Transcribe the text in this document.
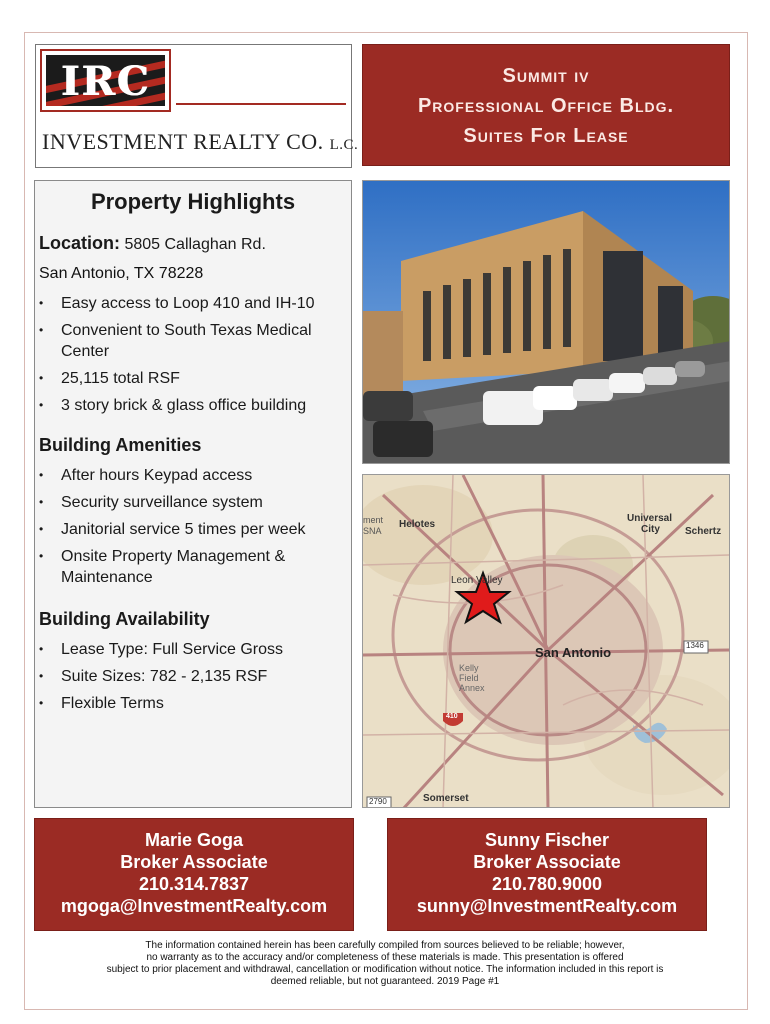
IRC
INVESTMENT REALTY CO. L.C.
Summit iv
Professional Office Bldg.
Suites For Lease
Property Highlights
Location: 5805 Callaghan Rd.
San Antonio, TX 78228
• Easy access to Loop 410 and IH-10
• Convenient to South Texas Medical Center
• 25,115 total RSF
• 3 story brick & glass office building
Building Amenities
• After hours Keypad access
• Security surveillance system
• Janitorial service 5 times per week
• Onsite Property Management & Maintenance
Building Availability
• Lease Type: Full Service Gross
• Suite Sizes: 782 - 2,135 RSF
• Flexible Terms
Helotes
ment
SNA
Universal
City	Schertz
Leon Valley
San Antonio
Kelly
Field
Annex
Somerset
1346
410
2790
Marie Goga
Broker Associate
210.314.7837
mgoga@InvestmentRealty.com
Sunny Fischer
Broker Associate
210.780.9000
sunny@InvestmentRealty.com
The information contained herein has been carefully compiled from sources believed to be reliable; however,
no warranty as to the accuracy and/or completeness of these materials is made. This presentation is offered
subject to prior placement and withdrawal, cancellation or modification without notice. The information included in this report is
deemed reliable, but not guaranteed. 2019 Page #1
